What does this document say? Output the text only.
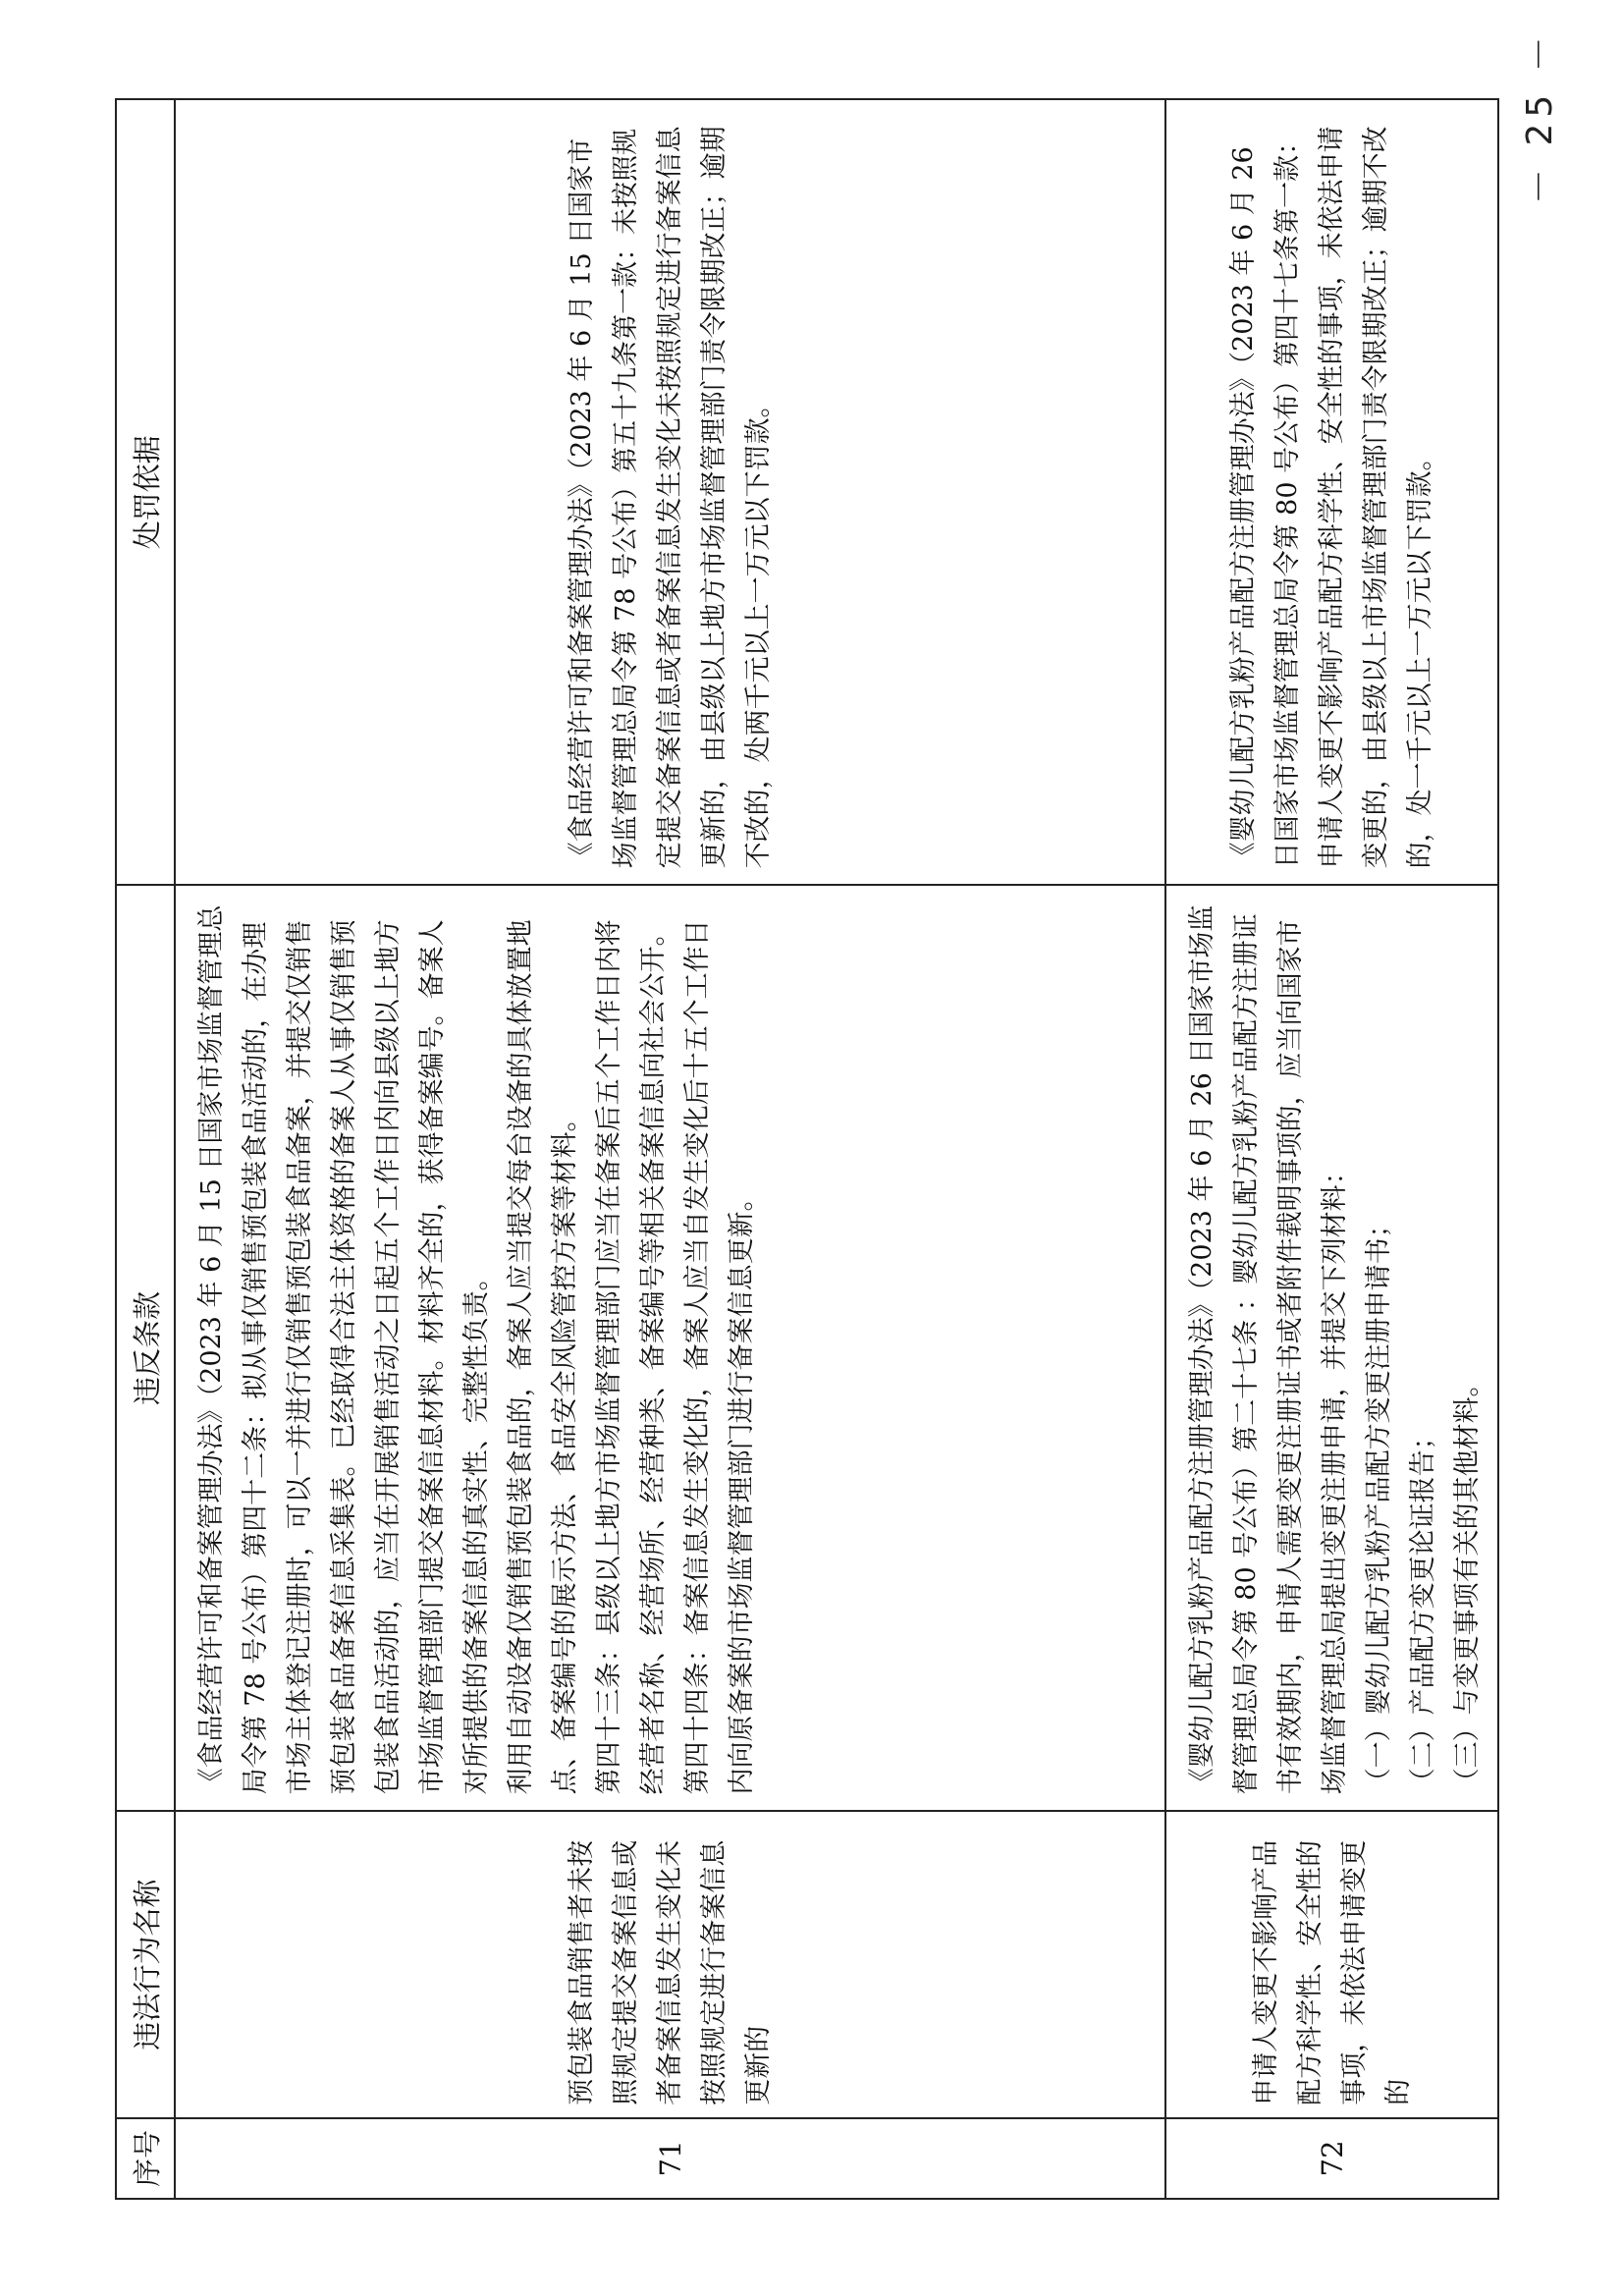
序号	违法行为名称	违反条款	处罚依据
71	预包装食品销售者未按照规定提交备案信息或者备案信息发生变化未按照规定进行备案信息更新的	《食品经营许可和备案管理办法》（2023 年 6 月 15 日国家市场监督管理总局令第 78 号公布）第四十二条：拟从事仅销售预包装食品活动的，在办理市场主体登记注册时，可以一并进行仅销售预包装食品备案，并提交仅销售预包装食品备案信息采集表。已经取得合法主体资格的备案人从事仅销售预包装食品活动的，应当在开展销售活动之日起五个工作日内向县级以上地方市场监督管理部门提交备案信息材料。材料齐全的，获得备案编号。备案人对所提供的备案信息的真实性、完整性负责。 利用自动设备仅销售预包装食品的，备案人应当提交每台设备的具体放置地点、备案编号的展示方法、食品安全风险管控方案等材料。 第四十三条：县级以上地方市场监督管理部门应当在备案后五个工作日内将经营者名称、经营场所、经营种类、备案编号等相关备案信息向社会公开。 第四十四条：备案信息发生变化的，备案人应当自发生变化后十五个工作日内向原备案的市场监督管理部门进行备案信息更新。	《食品经营许可和备案管理办法》（2023 年 6 月 15 日国家市场监督管理总局令第 78 号公布）第五十九条第一款：未按照规定提交备案信息或者备案信息发生变化未按照规定进行备案信息更新的，由县级以上地方市场监督管理部门责令限期改正；逾期不改的，处两千元以上一万元以下罚款。

72	申请人变更不影响产品配方科学性、安全性的事项，未依法申请变更的	《婴幼儿配方乳粉产品配方注册管理办法》（2023 年 6 月 26 日国家市场监督管理总局令第 80 号公布）第二十七条 ：婴幼儿配方乳粉产品配方注册证书有效期内，申请人需要变更注册证书或者附件载明事项的，应当向国家市场监督管理总局提出变更注册申请，并提交下列材料： （一）婴幼儿配方乳粉产品配方变更注册申请书； （二）产品配方变更论证报告； （三）与变更事项有关的其他材料。	《婴幼儿配方乳粉产品配方注册管理办法》（2023 年 6 月 26 日国家市场监督管理总局令第 80 号公布）第四十七条第一款：申请人变更不影响产品配方科学性、安全性的事项，未依法申请变更的，由县级以上市场监督管理部门责令限期改正；逾期不改的，处一千元以上一万元以下罚款。
－ 25 －
